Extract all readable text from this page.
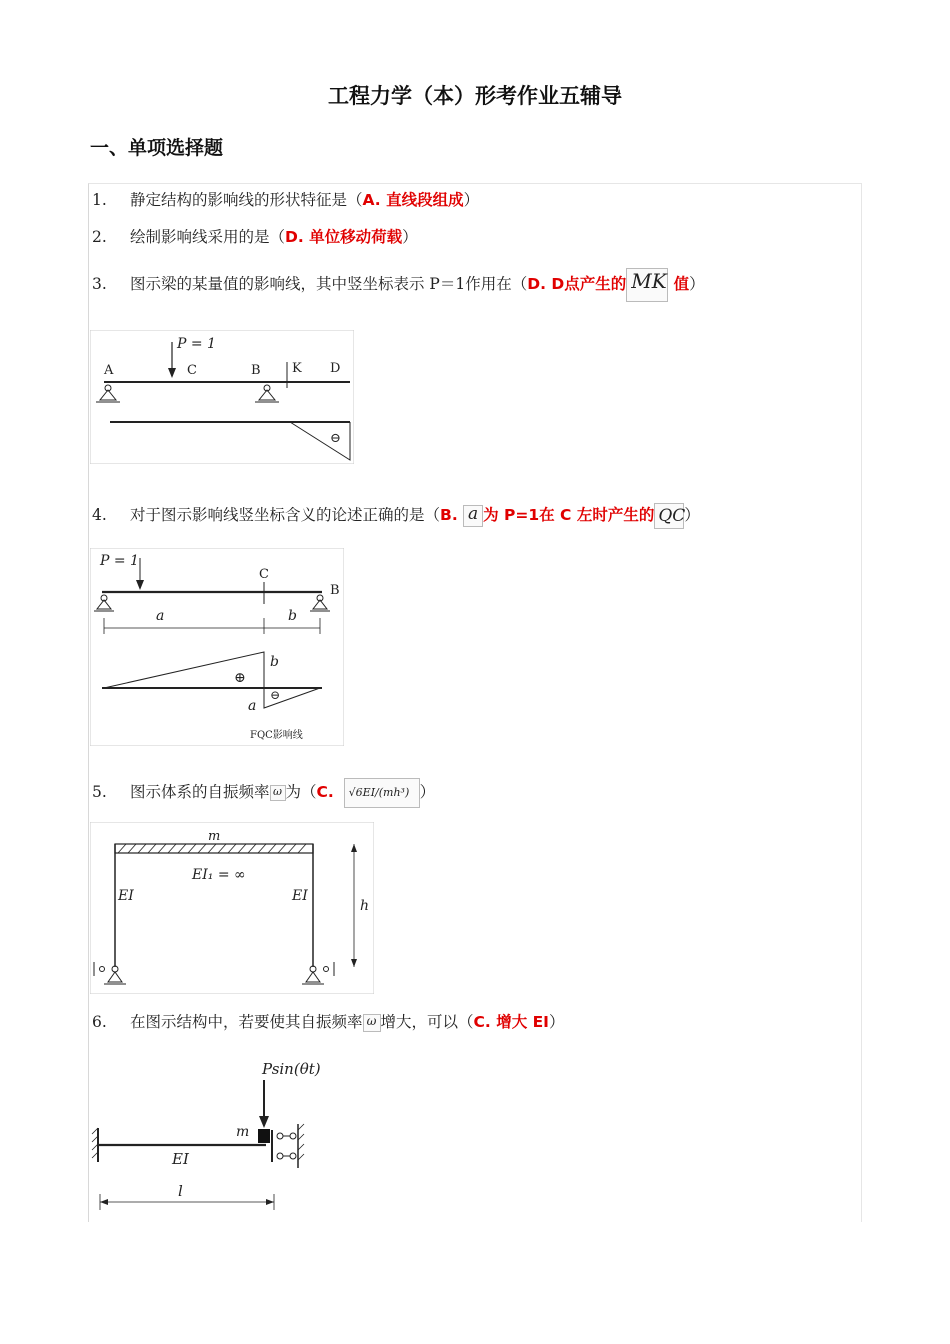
工程力学（本）形考作业五辅导
一、单项选择题
1. 静定结构的影响线的形状特征是（A. 直线段组成）
2. 绘制影响线采用的是（D. 单位移动荷载）
3. 图示梁的某量值的影响线，其中竖坐标表示 P＝1作用在（D. D点产生的 MK 值）
P = 1
A	C	B K D
⊖
4. 对于图示影响线竖坐标含义的论述正确的是（B. a 为 P=1在 C 左时产生的 QC）
P = 1
C
B
a	b
b
a
⊕
⊖
FQC影响线
5. 图示体系的自振频率 ω 为（C. √6EI/(mh³) ）
m
EI₁ = ∞
EI	EI
h
6. 在图示结构中，若要使其自振频率 ω 增大，可以（C. 增大 EI）
Psin(θt)
m
EI
l
